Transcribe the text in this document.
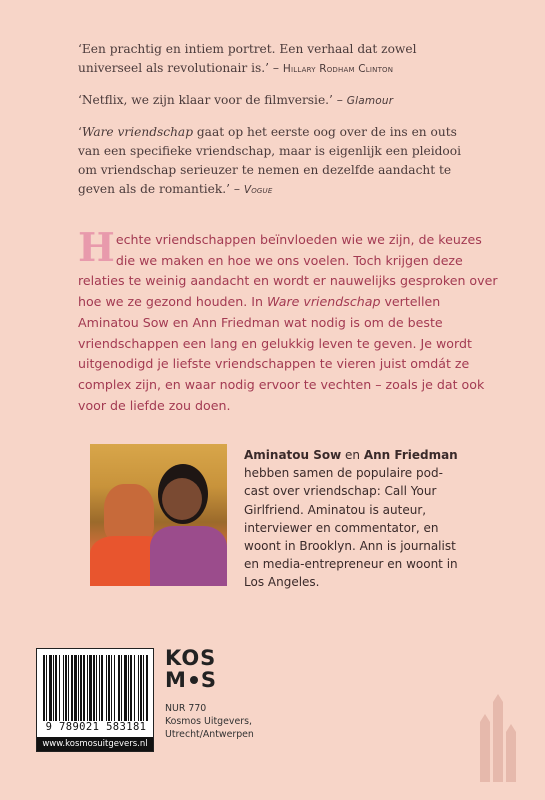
‘Een prachtig en intiem portret. Een verhaal dat zowel universeel als revolutionair is.’ – Hillary Rodham Clinton

‘Netflix, we zijn klaar voor de filmversie.’ – Glamour

‘Ware vriendschap gaat op het eerste oog over de ins en outs van een specifieke vriendschap, maar is eigenlijk een pleidooi om vriendschap serieuzer te nemen en dezelfde aandacht te geven als de romantiek.’ – Vogue

Hechte vriendschappen beïnvloeden wie we zijn, de keuzes die we maken en hoe we ons voelen. Toch krijgen deze relaties te weinig aandacht en wordt er nauwelijks gesproken over hoe we ze gezond houden. In Ware vriendschap vertellen Aminatou Sow en Ann Friedman wat nodig is om de beste vriendschappen een lang en gelukkig leven te geven. Je wordt uitgenodigd je liefste vriendschappen te vieren juist omdát ze complex zijn, en waar nodig ervoor te vechten – zoals je dat ook voor de liefde zou doen.
Aminatou Sow en Ann Friedman hebben samen de populaire pod-cast over vriendschap: Call Your Girlfriend. Aminatou is auteur, interviewer en commentator, en woont in Brooklyn. Ann is journalist en media-entrepreneur en woont in Los Angeles.
KOS
M S
9 789021 583181
www.kosmosuitgevers.nl
NUR 770
Kosmos Uitgevers,
Utrecht/Antwerpen
